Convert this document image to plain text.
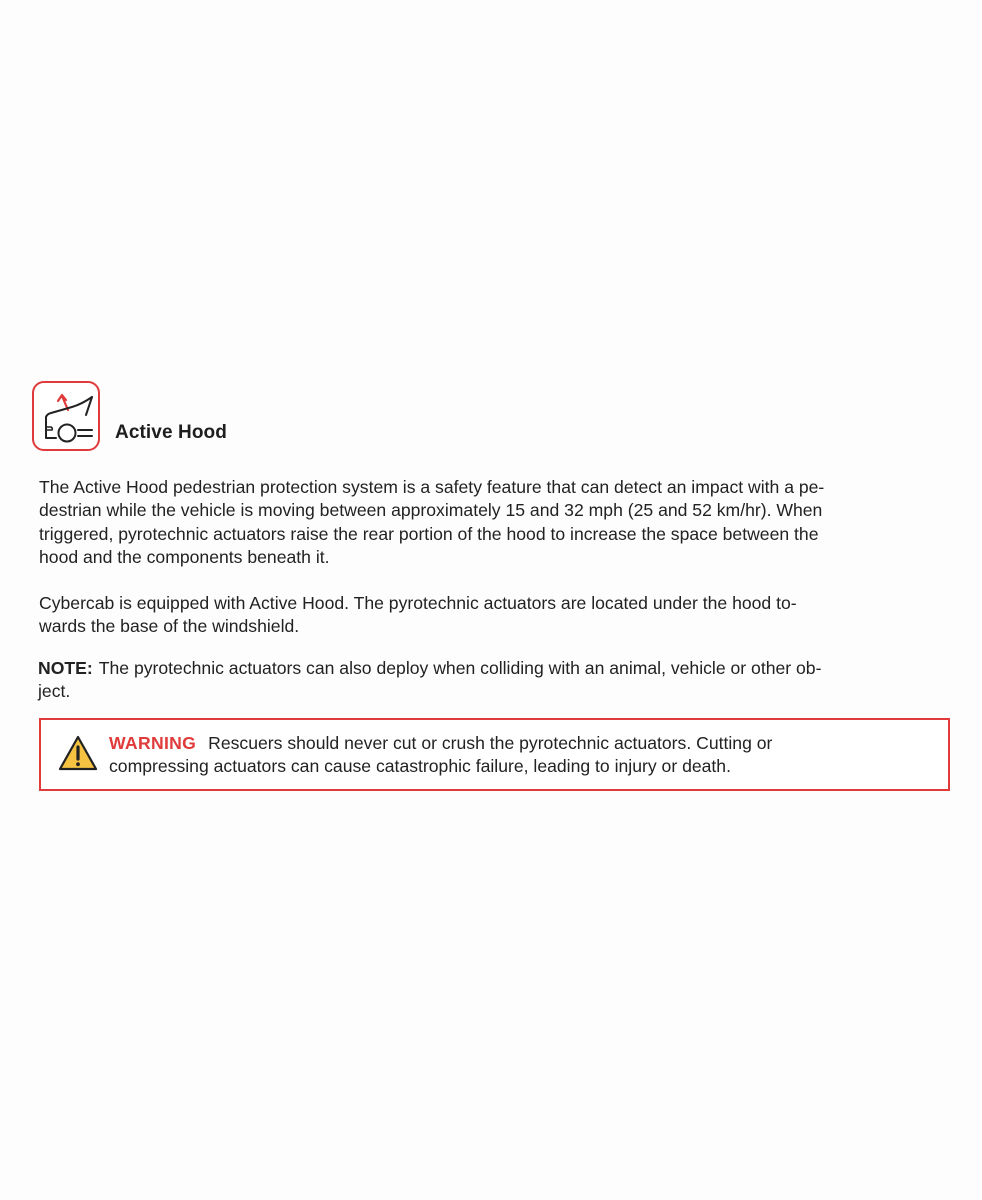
Active Hood

The Active Hood pedestrian protection system is a safety feature that can detect an impact with a pe-
destrian while the vehicle is moving between approximately 15 and 32 mph (25 and 52 km/hr). When
triggered, pyrotechnic actuators raise the rear portion of the hood to increase the space between the
hood and the components beneath it.

Cybercab is equipped with Active Hood. The pyrotechnic actuators are located under the hood to-
wards the base of the windshield.

NOTE: The pyrotechnic actuators can also deploy when colliding with an animal, vehicle or other ob-
ject.

WARNING Rescuers should never cut or crush the pyrotechnic actuators. Cutting or
compressing actuators can cause catastrophic failure, leading to injury or death.
